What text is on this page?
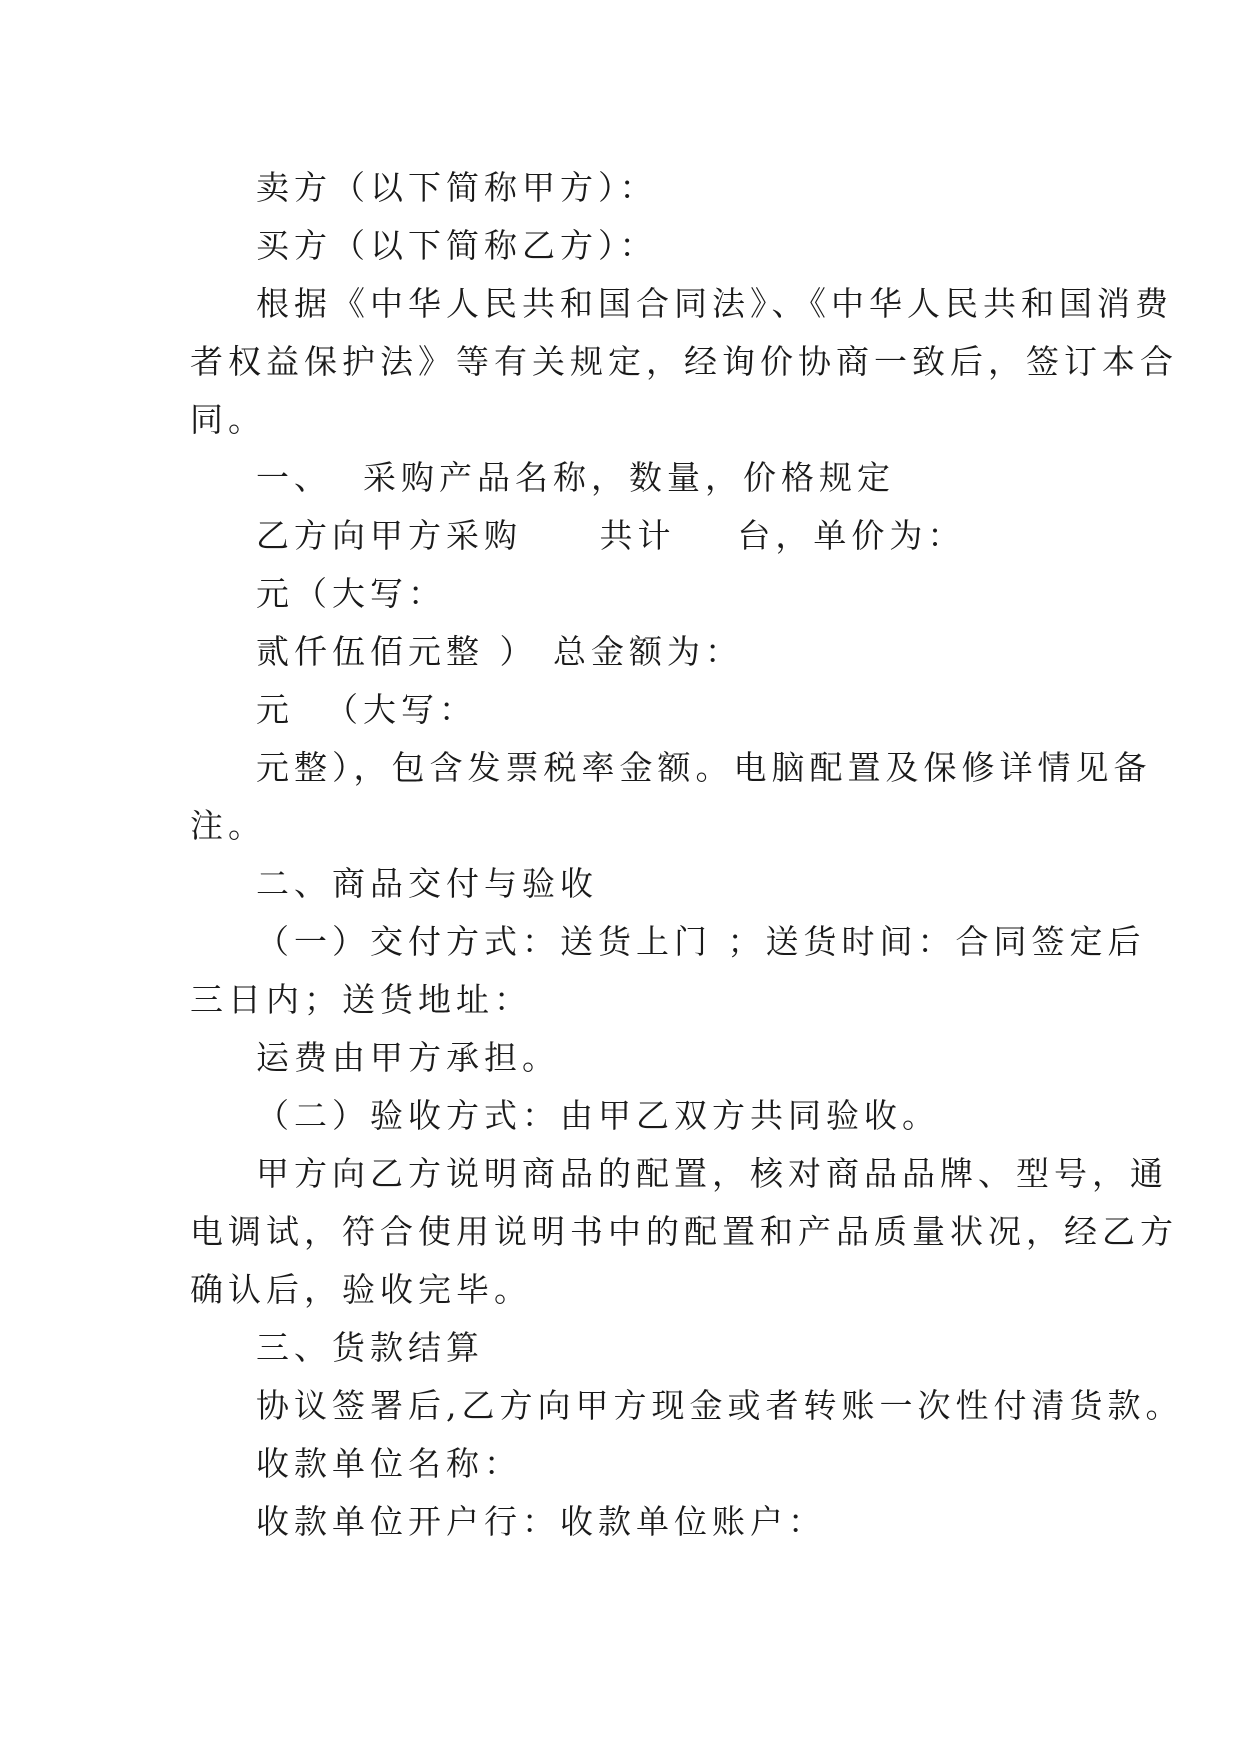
卖方（以下简称甲方）：
买方（以下简称乙方）：
根据《中华人民共和国合同法》、《中华人民共和国消费
者权益保护法》等有关规定，经询价协商一致后，签订本合
同。
一、  采购产品名称，数量，价格规定
乙方向甲方采购     共计    台，单价为：
元（大写：
贰仟伍佰元整 ） 总金额为：
元  （大写：
元整），包含发票税率金额。电脑配置及保修详情见备
注。
二、商品交付与验收
（一）交付方式：送货上门 ；送货时间：合同签定后
三日内；送货地址：
运费由甲方承担。
（二）验收方式：由甲乙双方共同验收。
甲方向乙方说明商品的配置，核对商品品牌、型号，通
电调试，符合使用说明书中的配置和产品质量状况，经乙方
确认后，验收完毕。
三、货款结算
协议签署后,乙方向甲方现金或者转账一次性付清货款。
收款单位名称：
收款单位开户行：收款单位账户：
